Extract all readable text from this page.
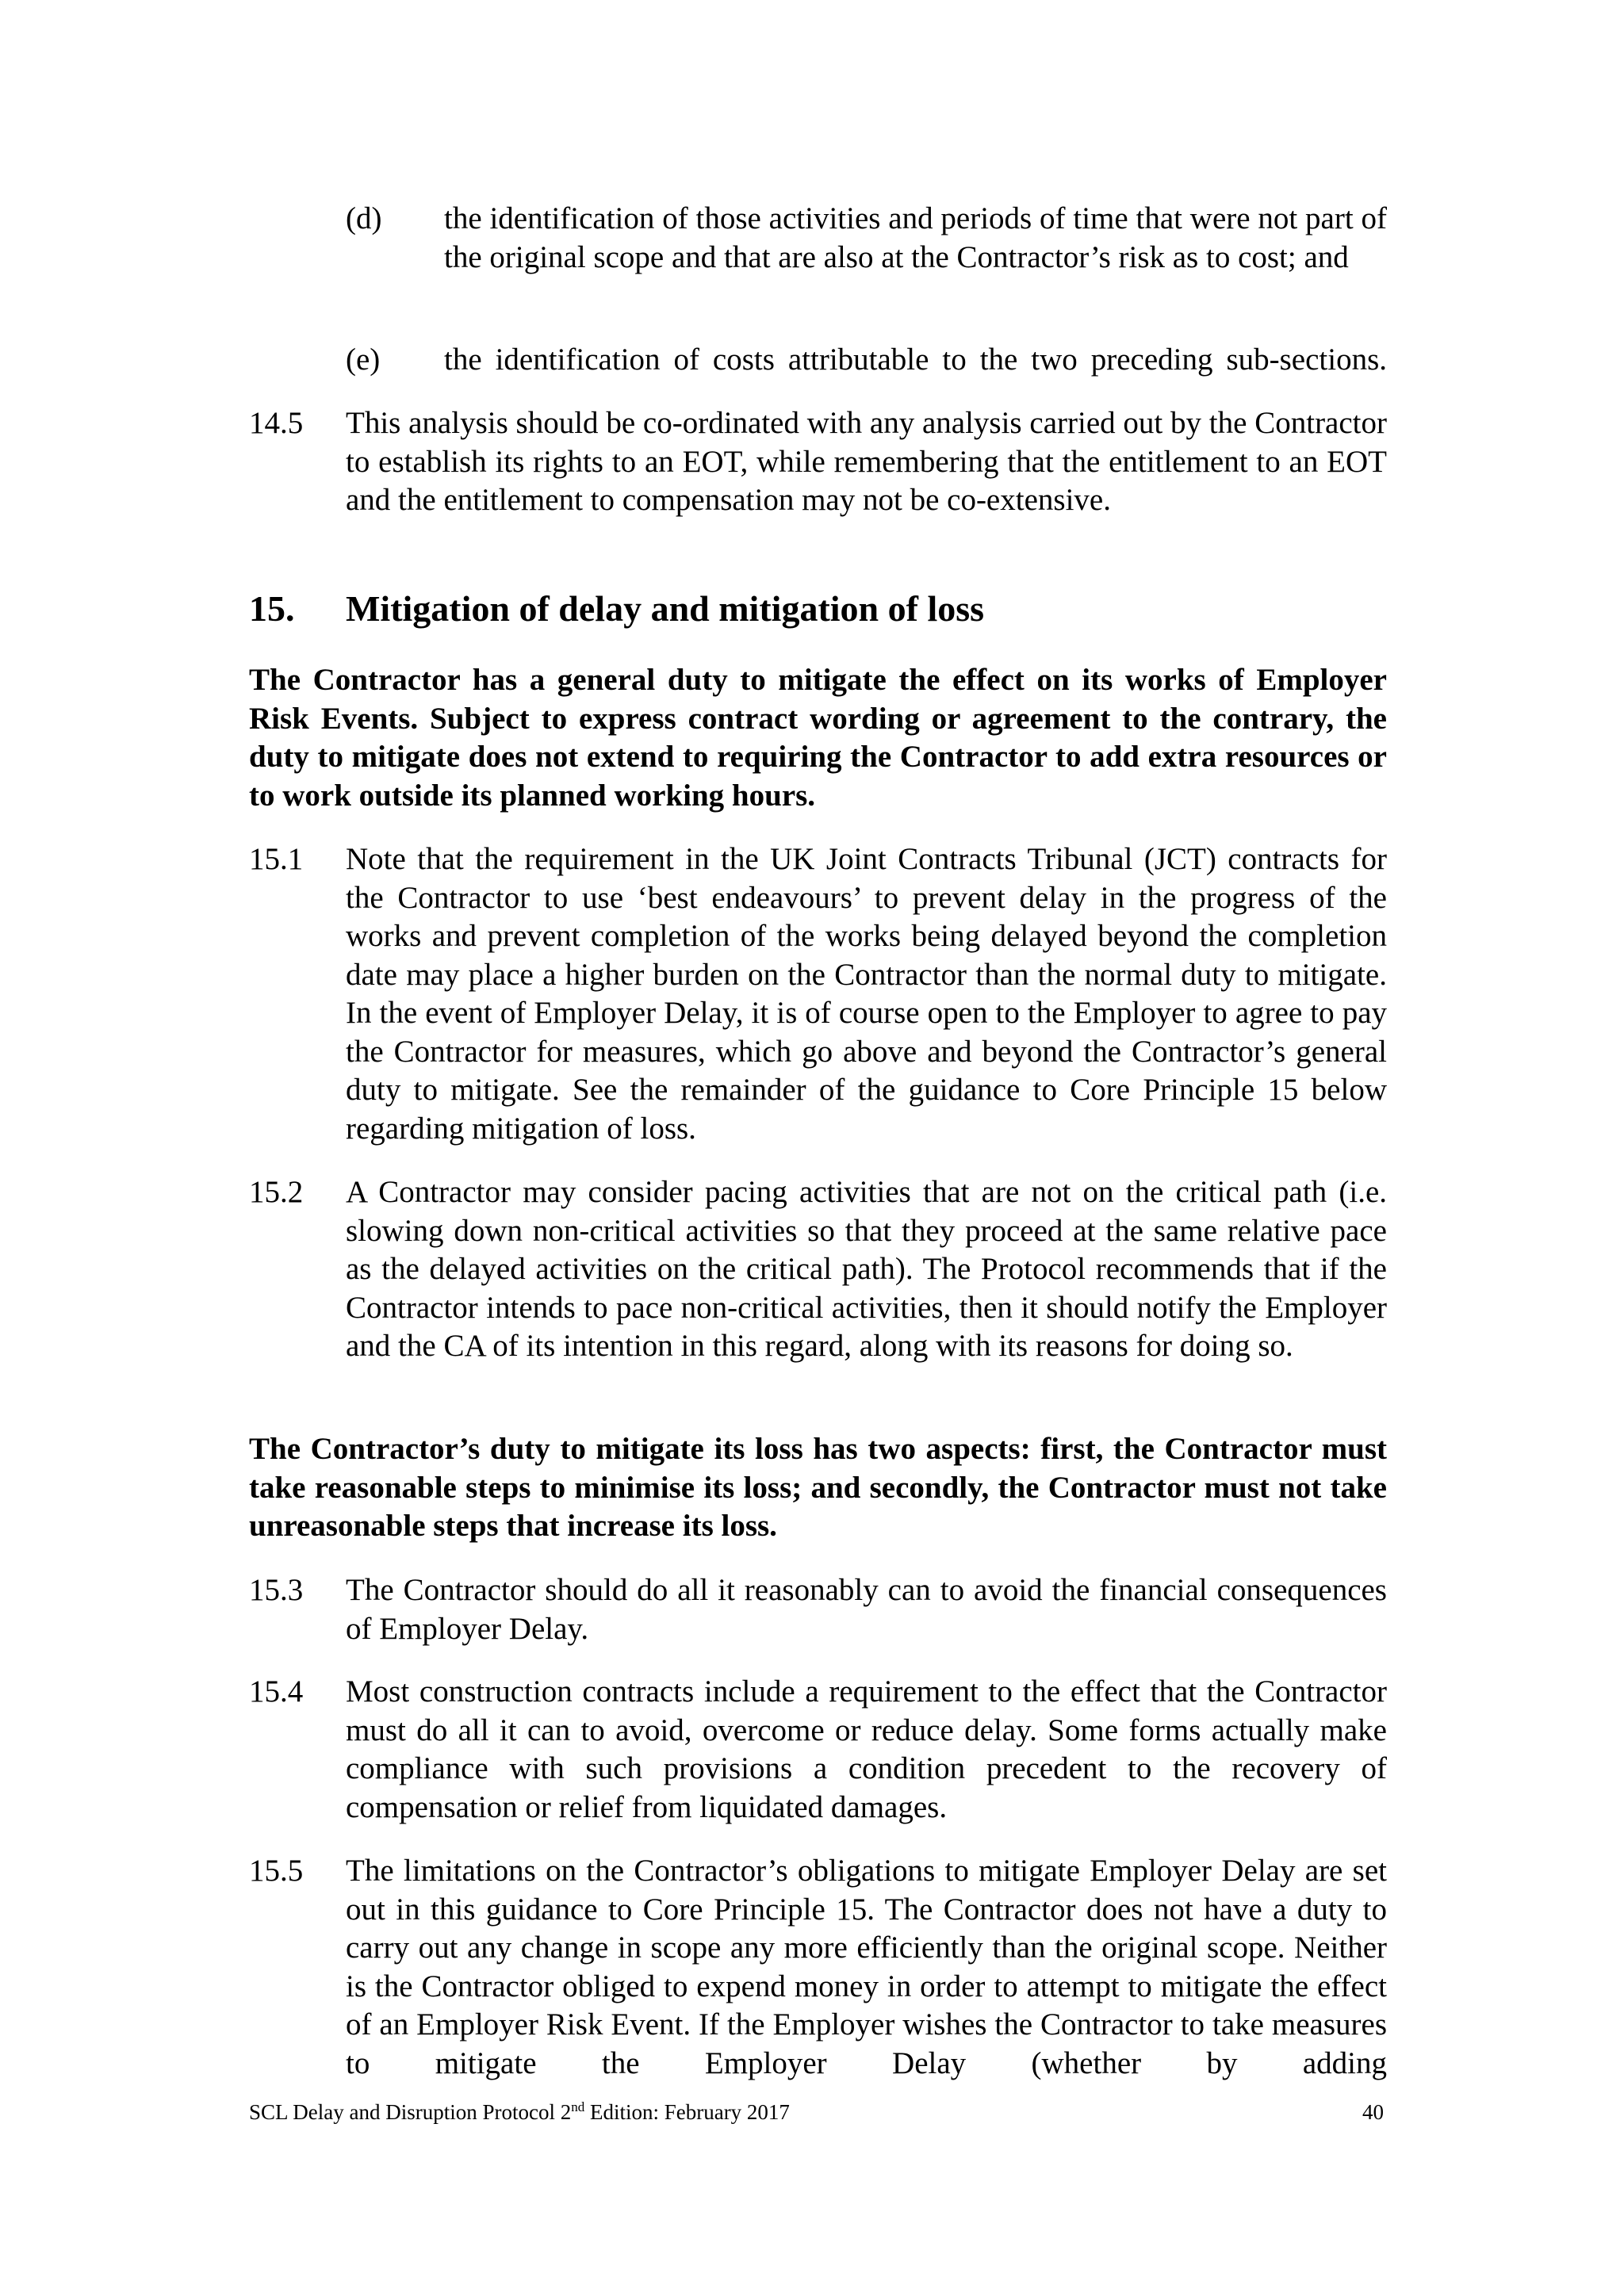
(d) the identification of those activities and periods of time that were not part of the original scope and that are also at the Contractor’s risk as to cost; and
(e) the identification of costs attributable to the two preceding sub-sections.
14.5 This analysis should be co-ordinated with any analysis carried out by the Contractor to establish its rights to an EOT, while remembering that the entitlement to an EOT and the entitlement to compensation may not be co-extensive.
15. Mitigation of delay and mitigation of loss
The Contractor has a general duty to mitigate the effect on its works of Employer Risk Events. Subject to express contract wording or agreement to the contrary, the duty to mitigate does not extend to requiring the Contractor to add extra resources or to work outside its planned working hours.
15.1 Note that the requirement in the UK Joint Contracts Tribunal (JCT) contracts for the Contractor to use ‘best endeavours’ to prevent delay in the progress of the works and prevent completion of the works being delayed beyond the completion date may place a higher burden on the Contractor than the normal duty to mitigate. In the event of Employer Delay, it is of course open to the Employer to agree to pay the Contractor for measures, which go above and beyond the Contractor’s general duty to mitigate. See the remainder of the guidance to Core Principle 15 below regarding mitigation of loss.
15.2 A Contractor may consider pacing activities that are not on the critical path (i.e. slowing down non-critical activities so that they proceed at the same relative pace as the delayed activities on the critical path). The Protocol recommends that if the Contractor intends to pace non-critical activities, then it should notify the Employer and the CA of its intention in this regard, along with its reasons for doing so.
The Contractor’s duty to mitigate its loss has two aspects: first, the Contractor must take reasonable steps to minimise its loss; and secondly, the Contractor must not take unreasonable steps that increase its loss.
15.3 The Contractor should do all it reasonably can to avoid the financial consequences of Employer Delay.
15.4 Most construction contracts include a requirement to the effect that the Contractor must do all it can to avoid, overcome or reduce delay. Some forms actually make compliance with such provisions a condition precedent to the recovery of compensation or relief from liquidated damages.
15.5 The limitations on the Contractor’s obligations to mitigate Employer Delay are set out in this guidance to Core Principle 15. The Contractor does not have a duty to carry out any change in scope any more efficiently than the original scope. Neither is the Contractor obliged to expend money in order to attempt to mitigate the effect of an Employer Risk Event. If the Employer wishes the Contractor to take measures to mitigate the Employer Delay (whether by adding
SCL Delay and Disruption Protocol 2nd Edition: February 2017	40
